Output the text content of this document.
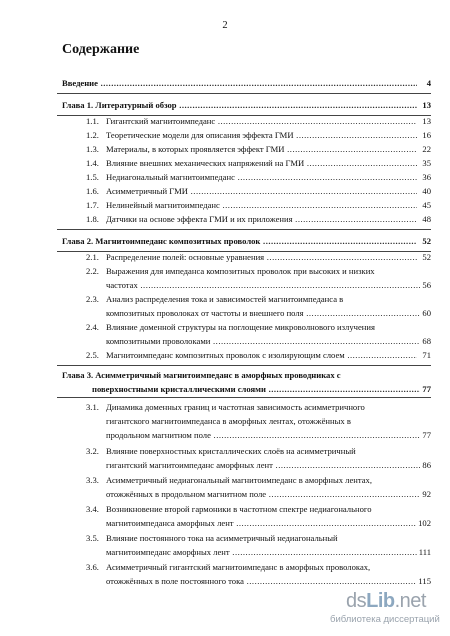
2
Содержание
Введение .....	4
Глава 1. Литературный обзор .....	13
1.1. Гигантский магнитоимпеданс .....	13
1.2. Теоретические модели для описания эффекта ГМИ .....	16
1.3. Материалы, в которых проявляется эффект ГМИ .....	22
1.4. Влияние внешних механических напряжений на ГМИ .....	35
1.5. Недиагональный магнитоимпеданс .....	36
1.6. Асимметричный ГМИ .....	40
1.7. Нелинейный магнитоимпеданс .....	45
1.8. Датчики на основе эффекта ГМИ и их приложения .....	48
Глава 2. Магнитоимпеданс композитных проволок .....	52
2.1. Распределение полей: основные уравнения .....	52
2.2. Выражения для импеданса композитных проволок при высоких и низких
частотах .....	56
2.3. Анализ распределения тока и зависимостей магнитоимпеданса в
композитных проволоках от частоты и внешнего поля .....	60
2.4. Влияние доменной структуры на поглощение микроволнового излучения
композитными проволоками .....	68
2.5. Магнитоимпеданс композитных проволок с изолирующим слоем .....	71
Глава 3. Асимметричный магнитоимпеданс в аморфных проводниках с
поверхностными кристаллическими слоями .....	77
3.1. Динамика доменных границ и частотная зависимость асимметричного
гигантского магнитоимпеданса в аморфных лентах, отожжённых в
продольном магнитном поле .....	77
3.2. Влияние поверхностных кристаллических слоёв на асимметричный
гигантский магнитоимпеданс аморфных лент .....	86
3.3. Асимметричный недиагональный магнитоимпеданс в аморфных лентах,
отожжённых в продольном магнитном поле .....	92
3.4. Возникновение второй гармоники в частотном спектре недиагонального
магнитоимпеданса аморфных лент .....	102
3.5. Влияние постоянного тока на асимметричный недиагональный
магнитоимпеданс аморфных лент .....	111
3.6. Асимметричный гигантский магнитоимпеданс в аморфных проволоках,
отожжённых в поле постоянного тока .....	115
dsLib.net
библиотека диссертаций
